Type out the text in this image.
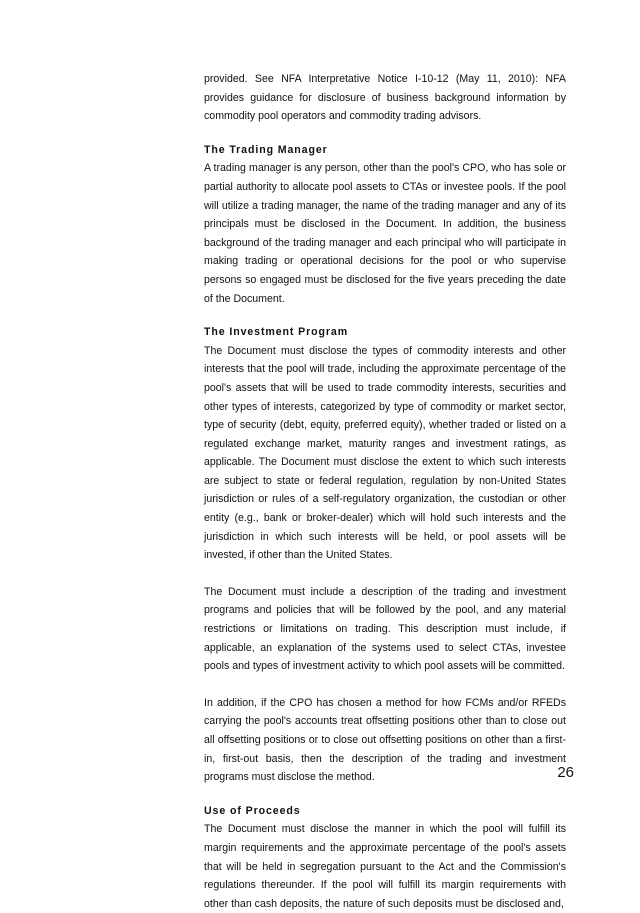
provided. See NFA Interpretative Notice I-10-12 (May 11, 2010): NFA provides guidance for disclosure of business background information by commodity pool operators and commodity trading advisors.

The Trading Manager

A trading manager is any person, other than the pool's CPO, who has sole or partial authority to allocate pool assets to CTAs or investee pools. If the pool will utilize a trading manager, the name of the trading manager and any of its principals must be disclosed in the Document. In addition, the business background of the trading manager and each principal who will participate in making trading or operational decisions for the pool or who supervise persons so engaged must be disclosed for the five years preceding the date of the Document.

The Investment Program

The Document must disclose the types of commodity interests and other interests that the pool will trade, including the approximate percentage of the pool's assets that will be used to trade commodity interests, securities and other types of interests, categorized by type of commodity or market sector, type of security (debt, equity, preferred equity), whether traded or listed on a regulated exchange market, maturity ranges and investment ratings, as applicable. The Document must disclose the extent to which such interests are subject to state or federal regulation, regulation by non-United States jurisdiction or rules of a self-regulatory organization, the custodian or other entity (e.g., bank or broker-dealer) which will hold such interests and the jurisdiction in which such interests will be held, or pool assets will be invested, if other than the United States.

The Document must include a description of the trading and investment programs and policies that will be followed by the pool, and any material restrictions or limitations on trading. This description must include, if applicable, an explanation of the systems used to select CTAs, investee pools and types of investment activity to which pool assets will be committed.

In addition, if the CPO has chosen a method for how FCMs and/or RFEDs carrying the pool's accounts treat offsetting positions other than to close out all offsetting positions or to close out offsetting positions on other than a first-in, first-out basis, then the description of the trading and investment programs must disclose the method.

Use of Proceeds

The Document must disclose the manner in which the pool will fulfill its margin requirements and the approximate percentage of the pool's assets that will be held in segregation pursuant to the Act and the Commission's regulations thereunder. If the pool will fulfill its margin requirements with other than cash deposits, the nature of such deposits must be disclosed and,

26
